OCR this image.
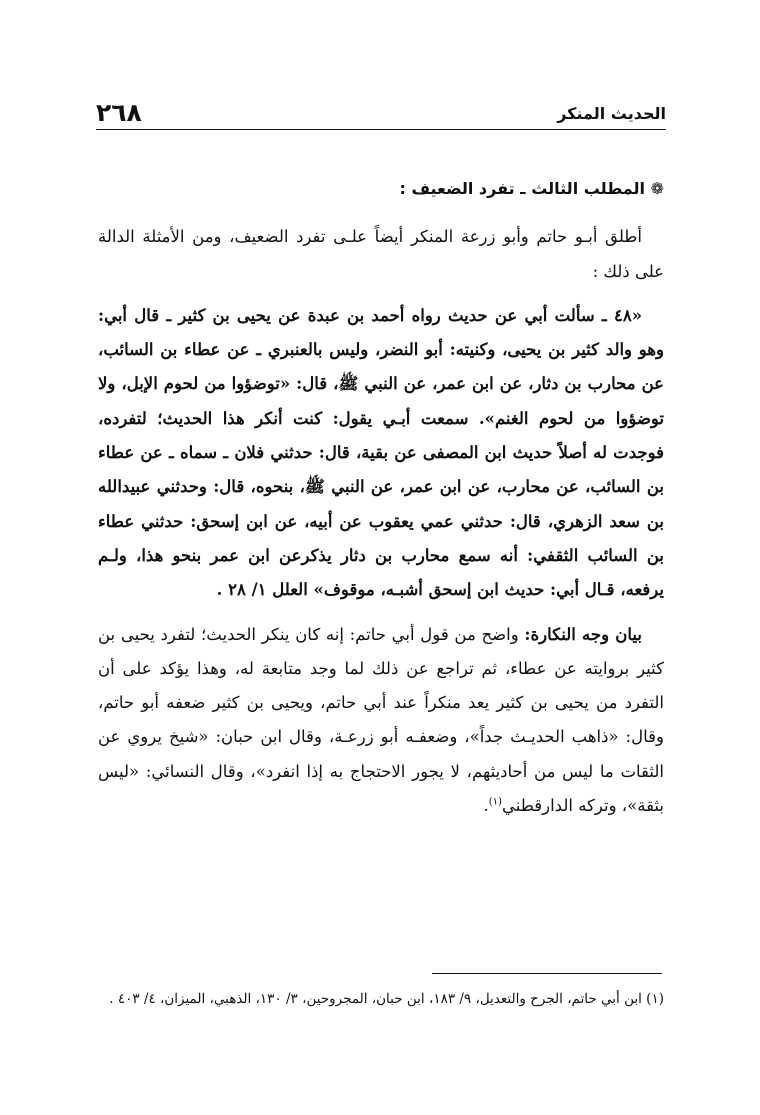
الحديث المنكر
٢٦٨

❁ المطلب الثالث ـ تفرد الضعيف :

أطلق أبـو حاتم وأبو زرعة المنكر أيضاً علـى تفرد الضعيف، ومن الأمثلة الدالة على ذلك :

«٤٨ ـ سألت أبي عن حديث رواه أحمد بن عبدة عن يحيى بن كثير ـ قال أبي: وهو والد كثير بن يحيى، وكنيته: أبو النضر، وليس بالعنبري ـ عن عطاء بن السائب، عن محارب بن دثار، عن ابن عمر، عن النبي ﷺ، قال: «توضؤوا من لحوم الإبل، ولا توضؤوا من لحوم الغنم». سمعت أبـي يقول: كنت أنكر هذا الحديث؛ لتفرده، فوجدت له أصلاً حديث ابن المصفى عن بقية، قال: حدثني فلان ـ سماه ـ عن عطاء بن السائب، عن محارب، عن ابن عمر، عن النبي ﷺ، بنحوه، قال: وحدثني عبيدالله بن سعد الزهري، قال: حدثني عمي يعقوب عن أبيه، عن ابن إسحق: حدثني عطاء بن السائب الثقفي: أنه سمع محارب بن دثار يذكرعن ابن عمر بنحو هذا، ولـم يرفعه، قـال أبي: حديث ابن إسحق أشبـه، موقوف» العلل ١/ ٢٨ .

بيان وجه النكارة: واضح من قول أبي حاتم: إنه كان ينكر الحديث؛ لتفرد يحيى بن كثير بروايته عن عطاء، ثم تراجع عن ذلك لما وجد متابعة له، وهذا يؤكد على أن التفرد من يحيى بن كثير يعد منكراً عند أبي حاتم، ويحيى بن كثير ضعفه أبو حاتم، وقال: «ذاهب الحديـث جداً»، وضعفـه أبو زرعـة، وقال ابن حبان: «شيخ يروي عن الثقات ما ليس من أحاديثهم، لا يجور الاحتجاج به إذا انفرد»، وقال النسائي: «ليس بثقة»، وتركه الدارقطني$^{(١)}$.

(١) ابن أبي حاتم، الجرح والتعديل، ٩/ ١٨٣، ابن حبان، المجروحين، ٣/ ١٣٠، الذهبي، الميزان، ٤/ ٤٠٣ .
